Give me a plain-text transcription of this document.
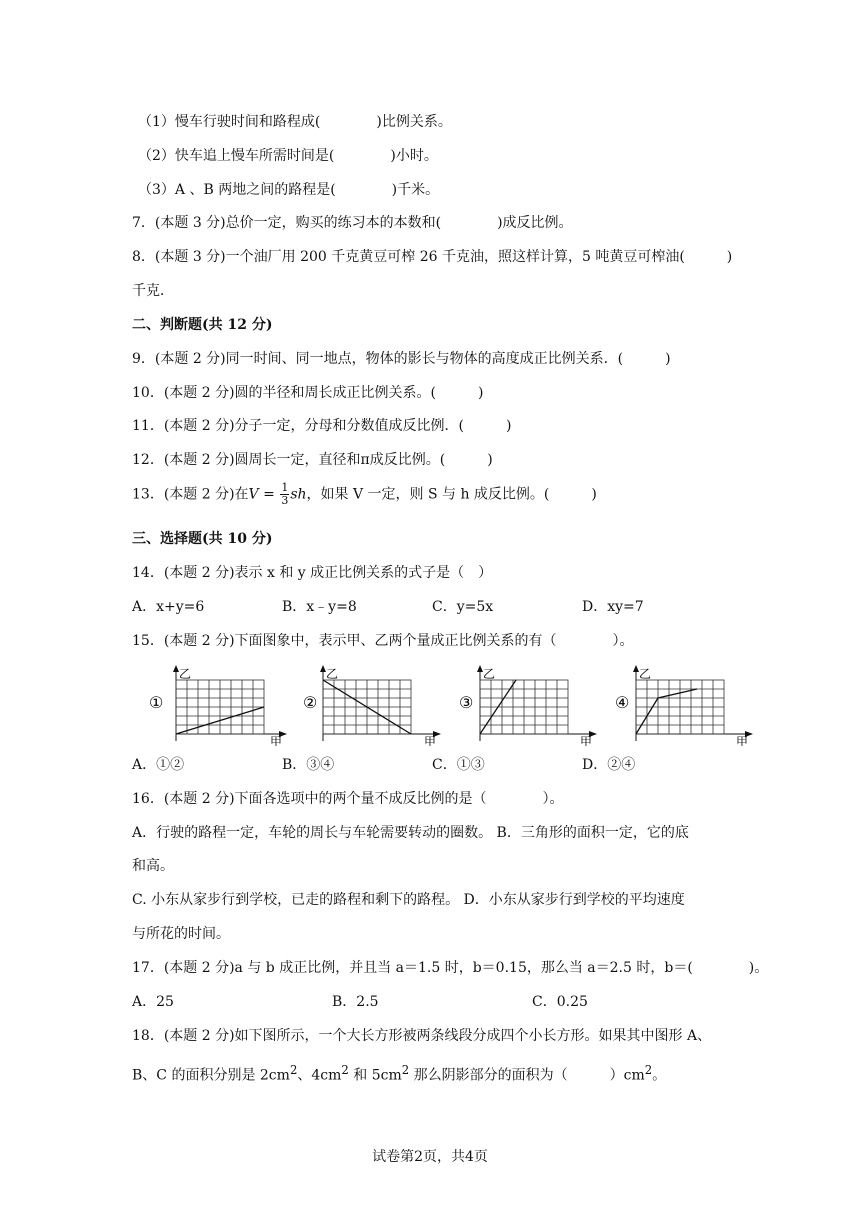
（1）慢车行驶时间和路程成(　　　　)比例关系。
（2）快车追上慢车所需时间是(　　　　)小时。
（3）A 、B 两地之间的路程是(　　　　)千米。
7．(本题 3 分)总价一定，购买的练习本的本数和(　　　　)成反比例。
8．(本题 3 分)一个油厂用 200 千克黄豆可榨 26 千克油，照这样计算，5 吨黄豆可榨油(　　　)
千克．
二、判断题(共 12 分)
9．(本题 2 分)同一时间、同一地点，物体的影长与物体的高度成正比例关系．(　　　)
10．(本题 2 分)圆的半径和周长成正比例关系。(　　　)
11．(本题 2 分)分子一定，分母和分数值成反比例．(　　　)
12．(本题 2 分)圆周长一定，直径和π成反比例。(　　　)
13．(本题 2 分)在$V = \frac{1}{3}$ sh，如果 V 一定，则 S 与 h 成反比例。(　　　)
三、选择题(共 10 分)
14．(本题 2 分)表示 x 和 y 成正比例关系的式子是（　）
A．x+y=6	B．x﹣y=8	C．y=5x	D．xy=7
15．(本题 2 分)下面图象中，表示甲、乙两个量成正比例关系的有（　　　　）。
①
乙
甲
②
乙
甲
③
乙
甲
④
乙
甲
A．①②	B．③④	C．①③	D．②④
16．(本题 2 分)下面各选项中的两个量不成反比例的是（　　　　）。
A．行驶的路程一定，车轮的周长与车轮需要转动的圈数。 B．三角形的面积一定，它的底
和高。
C. 小东从家步行到学校，已走的路程和剩下的路程。 D．小东从家步行到学校的平均速度
与所花的时间。
17．(本题 2 分)a 与 b 成正比例，并且当 a＝1.5 时，b＝0.15，那么当 a＝2.5 时，b＝(　　　　)。
A．25	B．2.5	C．0.25
18．(本题 2 分)如下图所示，一个大长方形被两条线段分成四个小长方形。如果其中图形 A、
B、C 的面积分别是 $2cm^2$、$4cm^2$ 和 $5cm^2$ 那么阴影部分的面积为（　　　）$cm^2$。
试卷第2页，共4页
